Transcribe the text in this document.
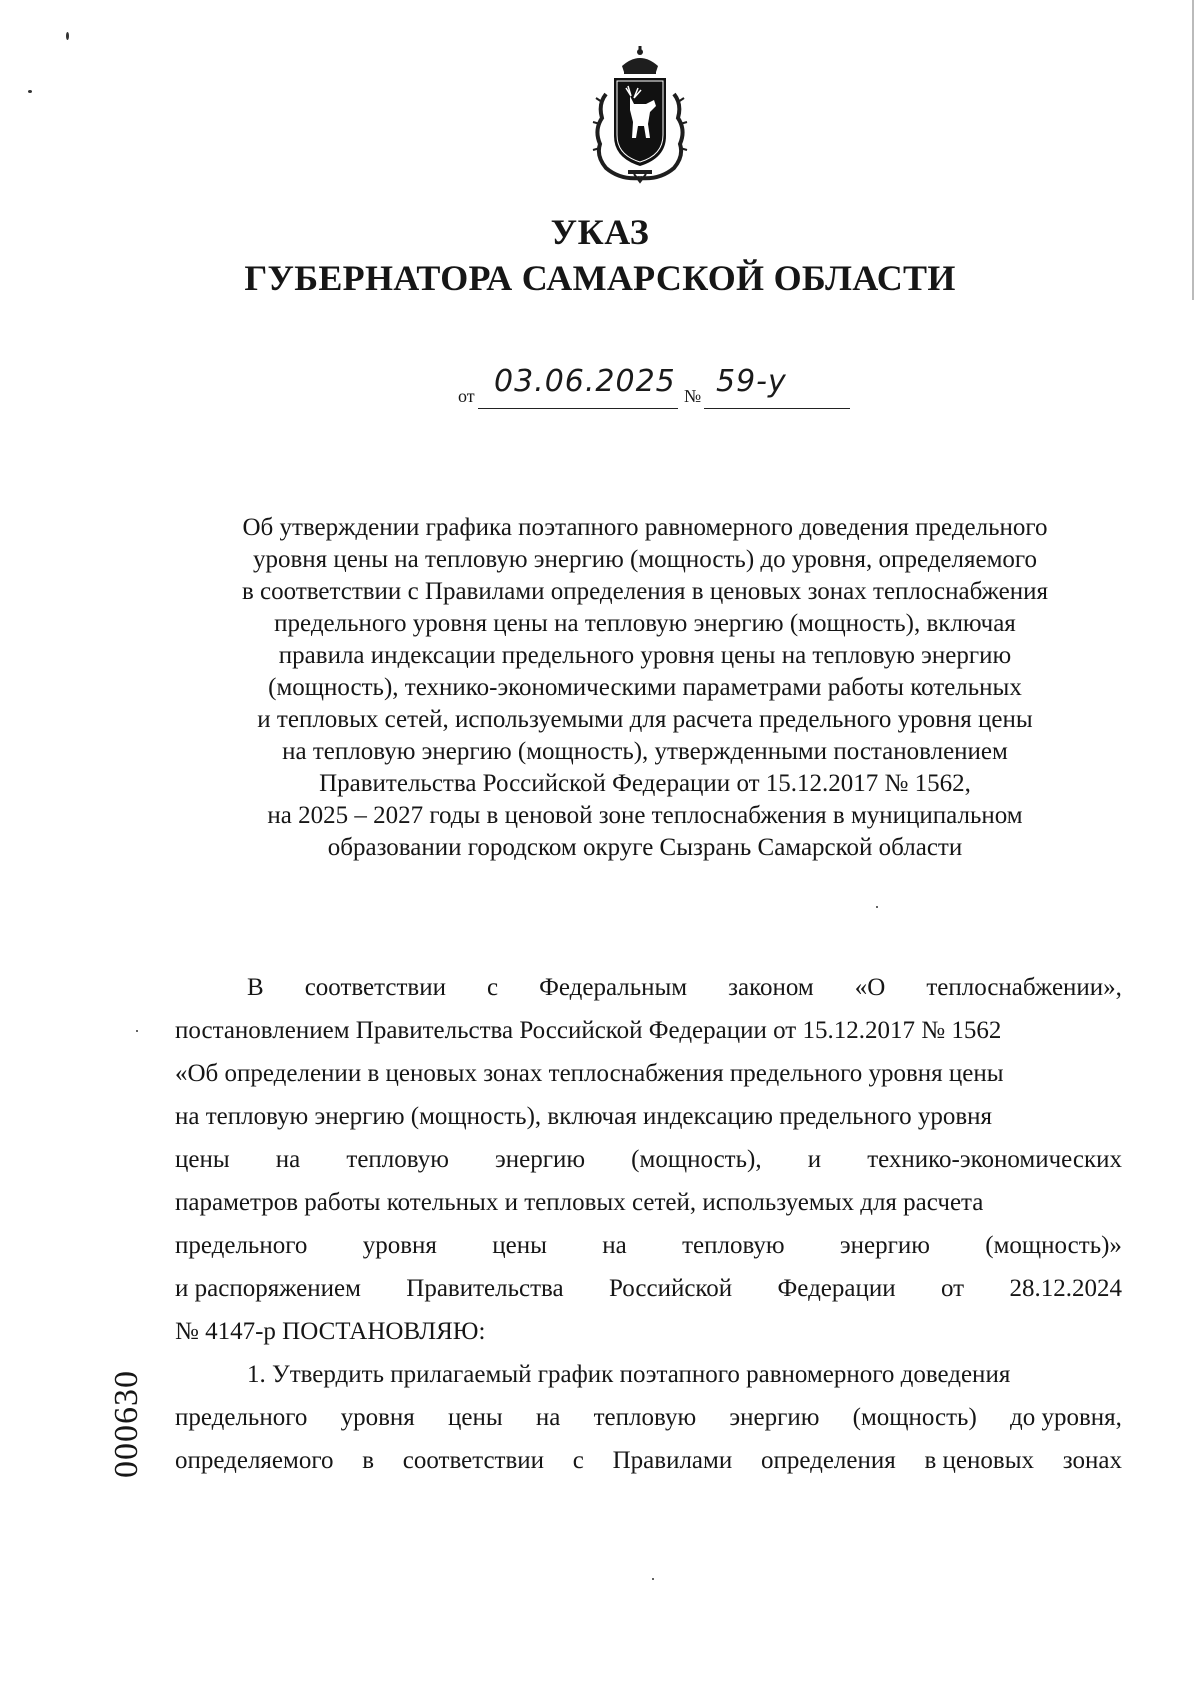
УКАЗ
ГУБЕРНАТОРА САМАРСКОЙ ОБЛАСТИ
от 03.06.2025 № 59-у
Об утверждении графика поэтапного равномерного доведения предельного
уровня цены на тепловую энергию (мощность) до уровня, определяемого
в соответствии с Правилами определения в ценовых зонах теплоснабжения
предельного уровня цены на тепловую энергию (мощность), включая
правила индексации предельного уровня цены на тепловую энергию
(мощность), технико-экономическими параметрами работы котельных
и тепловых сетей, используемыми для расчета предельного уровня цены
на тепловую энергию (мощность), утвержденными постановлением
Правительства Российской Федерации от 15.12.2017 № 1562,
на 2025 – 2027 годы в ценовой зоне теплоснабжения в муниципальном
образовании городском округе Сызрань Самарской области
В соответствии с Федеральным законом «О теплоснабжении»,
постановлением Правительства Российской Федерации от 15.12.2017 № 1562
«Об определении в ценовых зонах теплоснабжения предельного уровня цены
на тепловую энергию (мощность), включая индексацию предельного уровня
цены на тепловую энергию (мощность), и технико-экономических
параметров работы котельных и тепловых сетей, используемых для расчета
предельного уровня цены на тепловую энергию (мощность)»
и распоряжением Правительства Российской Федерации от 28.12.2024
№ 4147-р ПОСТАНОВЛЯЮ:
1. Утвердить прилагаемый график поэтапного равномерного доведения
предельного уровня цены на тепловую энергию (мощность) до уровня,
определяемого в соответствии с Правилами определения в ценовых зонах
000630
